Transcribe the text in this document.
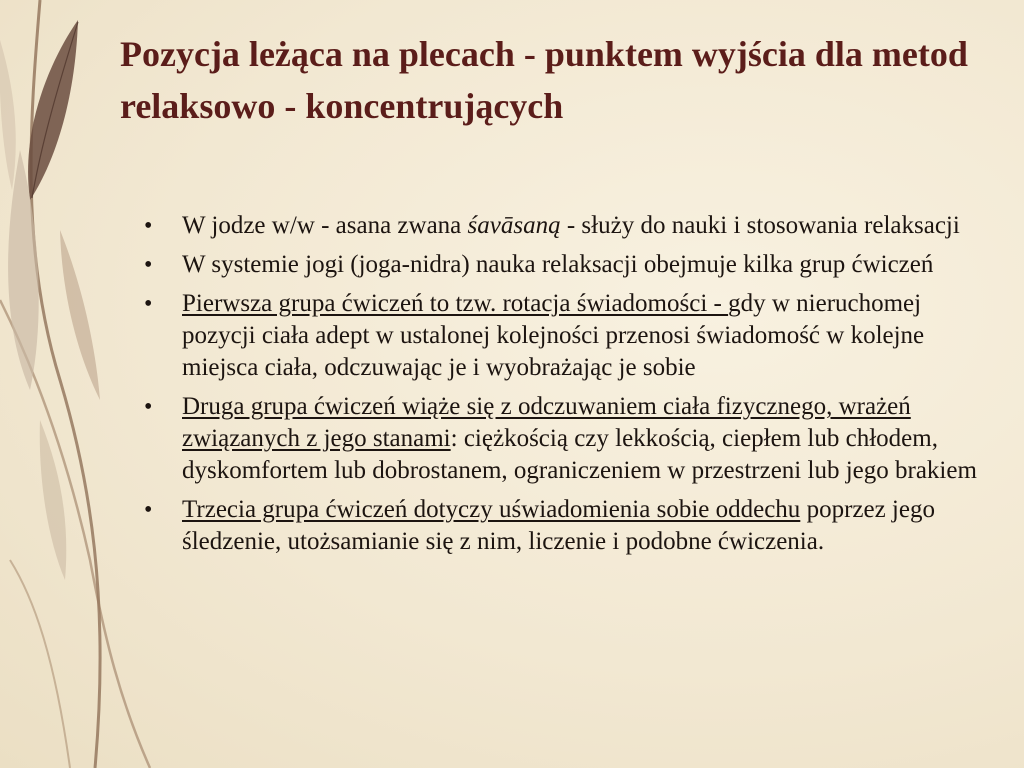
Pozycja leżąca na plecach - punktem wyjścia dla metod relaksowo - koncentrujących
•	W jodze w/w - asana zwana śavāsaną - służy do nauki i stosowania relaksacji
•	W systemie jogi (joga-nidra) nauka relaksacji obejmuje kilka grup ćwiczeń
•	Pierwsza grupa ćwiczeń to tzw. rotacja świadomości - gdy w nieruchomej pozycji ciała adept w ustalonej kolejności przenosi świadomość w kolejne miejsca ciała, odczuwając je i wyobrażając je sobie
•	Druga grupa ćwiczeń wiąże się z odczuwaniem ciała fizycznego, wrażeń związanych z jego stanami: ciężkością czy lekkością, ciepłem lub chłodem, dyskomfortem lub dobrostanem, ograniczeniem w przestrzeni lub jego brakiem
•	Trzecia grupa ćwiczeń dotyczy uświadomienia sobie oddechu poprzez jego śledzenie, utożsamianie się z nim, liczenie i podobne ćwiczenia.
